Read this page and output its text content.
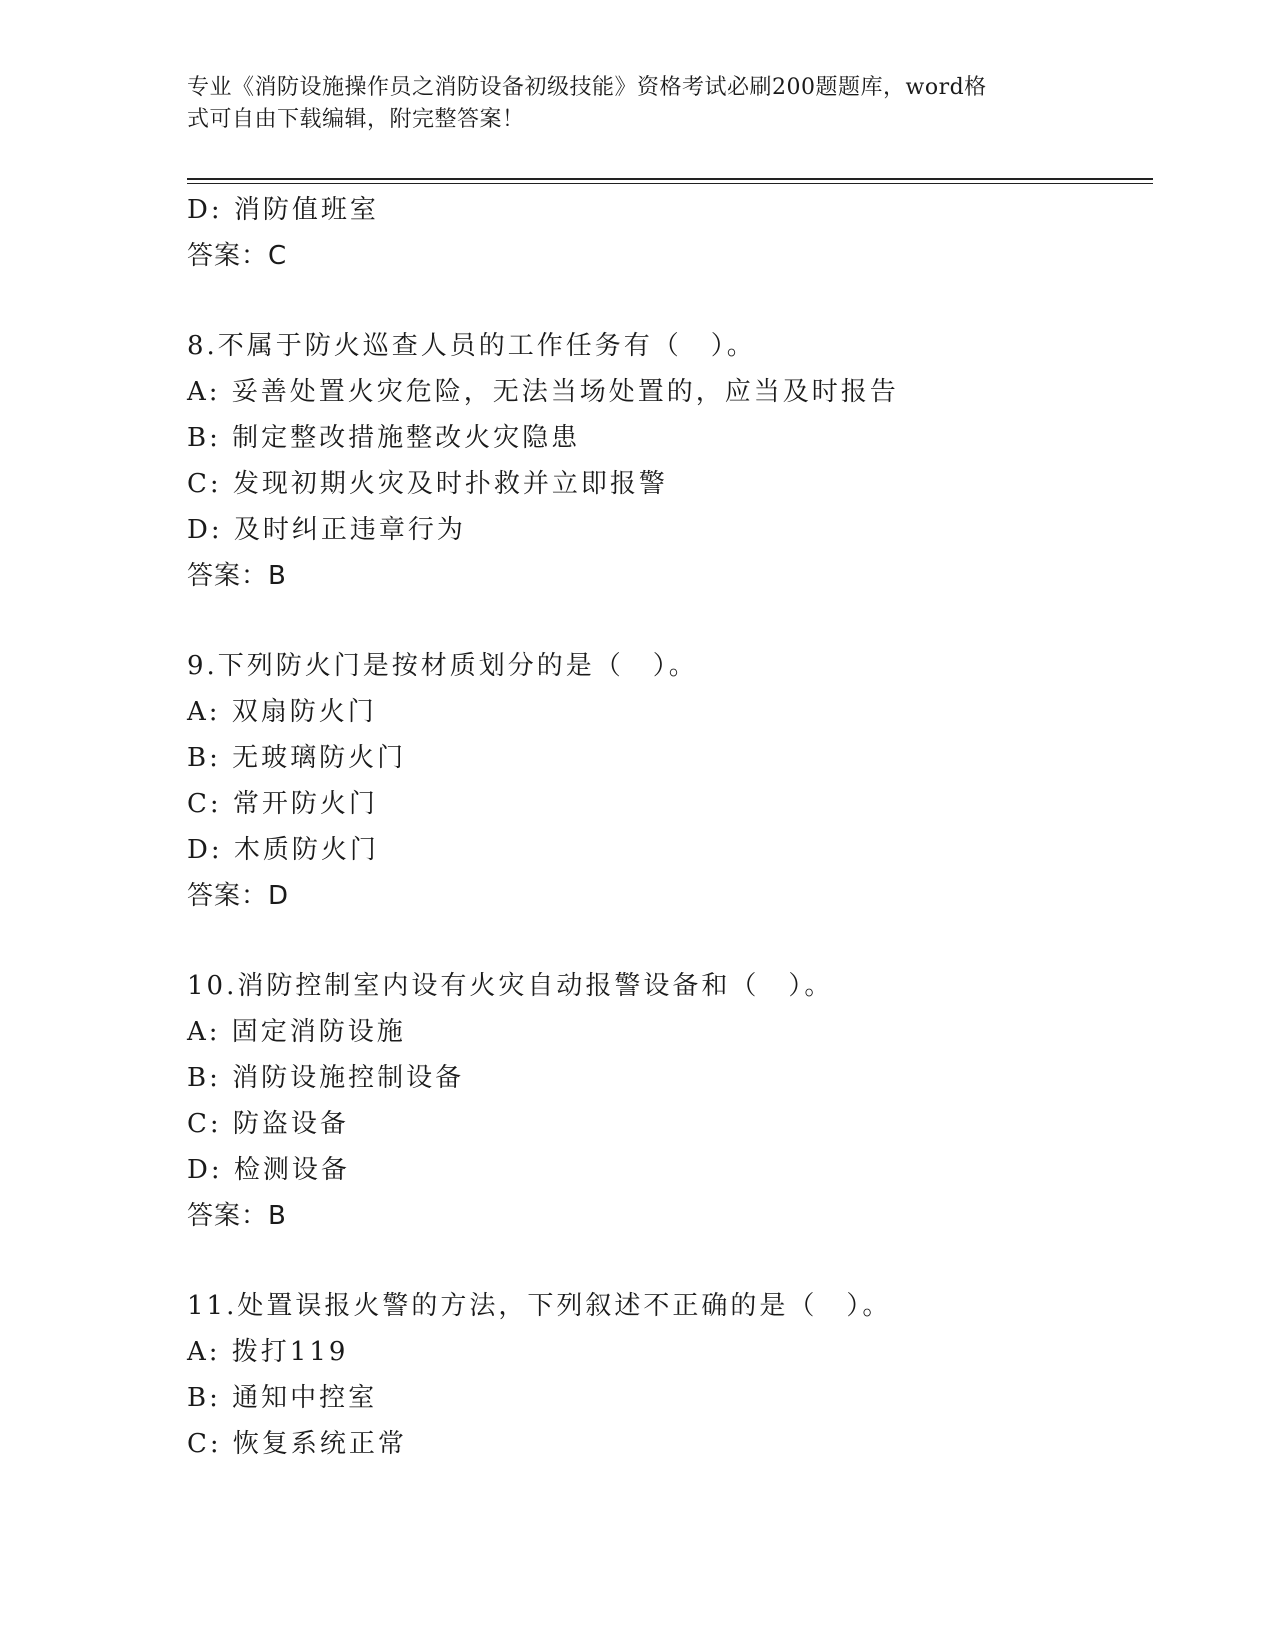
专业《消防设施操作员之消防设备初级技能》资格考试必刷200题题库，word格
式可自由下载编辑，附完整答案！
D: 消防值班室
答案：C
8.不属于防火巡查人员的工作任务有（　）。
A: 妥善处置火灾危险，无法当场处置的，应当及时报告
B: 制定整改措施整改火灾隐患
C: 发现初期火灾及时扑救并立即报警
D: 及时纠正违章行为
答案：B
9.下列防火门是按材质划分的是（　）。
A: 双扇防火门
B: 无玻璃防火门
C: 常开防火门
D: 木质防火门
答案：D
10.消防控制室内设有火灾自动报警设备和（　）。
A: 固定消防设施
B: 消防设施控制设备
C: 防盗设备
D: 检测设备
答案：B
11.处置误报火警的方法，下列叙述不正确的是（　）。
A: 拨打119
B: 通知中控室
C: 恢复系统正常
